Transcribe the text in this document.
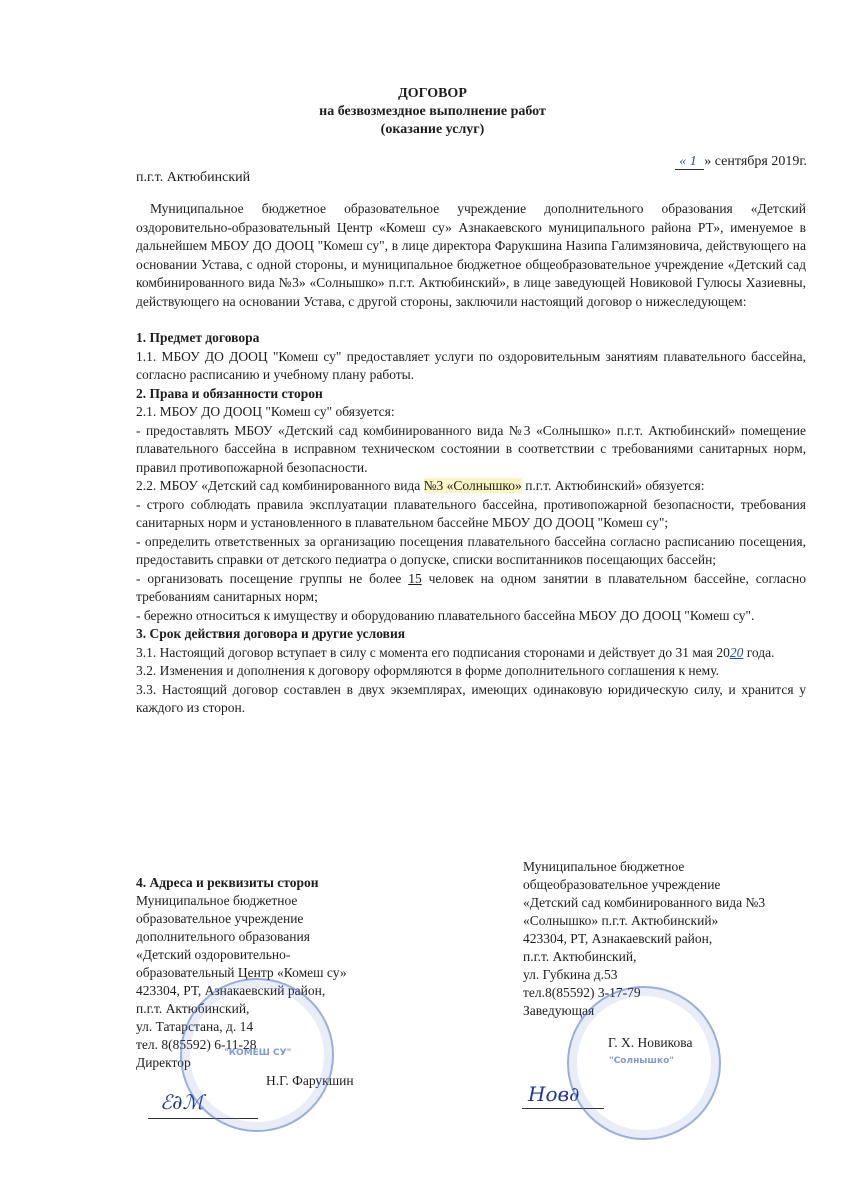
ДОГОВОР
на безвозмездное выполнение работ
(оказание услуг)
« 1 » сентября 2019г.
п.г.т. Актюбинский

Муниципальное бюджетное образовательное учреждение дополнительного образования «Детский оздоровительно-образовательный Центр «Комеш су» Азнакаевского муниципального района РТ», именуемое в дальнейшем МБОУ ДО ДООЦ "Комеш су", в лице директора Фарукшина Назипа Галимзяновича, действующего на основании Устава, с одной стороны, и муниципальное бюджетное общеобразовательное учреждение «Детский сад комбинированного вида №3» «Солнышко» п.г.т. Актюбинский», в лице заведующей Новиковой Гулюсы Хазиевны, действующего на основании Устава, с другой стороны, заключили настоящий договор о нижеследующем:

1. Предмет договора

1.1. МБОУ ДО ДООЦ "Комеш су" предоставляет услуги по оздоровительным занятиям плавательного бассейна, согласно расписанию и учебному плану работы.

2. Права и обязанности сторон

2.1. МБОУ ДО ДООЦ "Комеш су" обязуется:

- предоставлять МБОУ «Детский сад комбинированного вида №3 «Солнышко» п.г.т. Актюбинский» помещение плавательного бассейна в исправном техническом состоянии в соответствии с требованиями санитарных норм, правил противопожарной безопасности.

2.2. МБОУ «Детский сад комбинированного вида №3 «Солнышко» п.г.т. Актюбинский» обязуется:

- строго соблюдать правила эксплуатации плавательного бассейна, противопожарной безопасности, требования санитарных норм и установленного в плавательном бассейне МБОУ ДО ДООЦ "Комеш су";

- определить ответственных за организацию посещения плавательного бассейна согласно расписанию посещения, предоставить справки от детского педиатра о допуске, списки воспитанников посещающих бассейн;

- организовать посещение группы не более 15 человек на одном занятии в плавательном бассейне, согласно требованиям санитарных норм;

- бережно относиться к имуществу и оборудованию плавательного бассейна МБОУ ДО ДООЦ "Комеш су".

3. Срок действия договора и другие условия

3.1. Настоящий договор вступает в силу с момента его подписания сторонами и действует до 31 мая 2020 года.

3.2. Изменения и дополнения к договору оформляются в форме дополнительного соглашения к нему.

3.3. Настоящий договор составлен в двух экземплярах, имеющих одинаковую юридическую силу, и хранится у каждого из сторон.

4. Адреса и реквизиты сторон

Муниципальное бюджетное

образовательное учреждение

дополнительного образования

«Детский оздоровительно-

образовательный Центр «Комеш су»

423304, РТ, Азнакаевский район,

п.г.т. Актюбинский,

ул. Татарстана, д. 14

тел. 8(85592) 6-11-28

Директор

Н.Г. Фарукшин

Муниципальное бюджетное

общеобразовательное учреждение

«Детский сад комбинированного вида №3

«Солнышко» п.г.т. Актюбинский»

423304, РТ, Азнакаевский район,

п.г.т. Актюбинский,

ул. Губкина д.53

тел.8(85592) 3-17-79

Заведующая

Г. Х. Новикова

ℰ∂ℳ	Нов∂
"КОМЕШ СУ"
"Солнышко"
